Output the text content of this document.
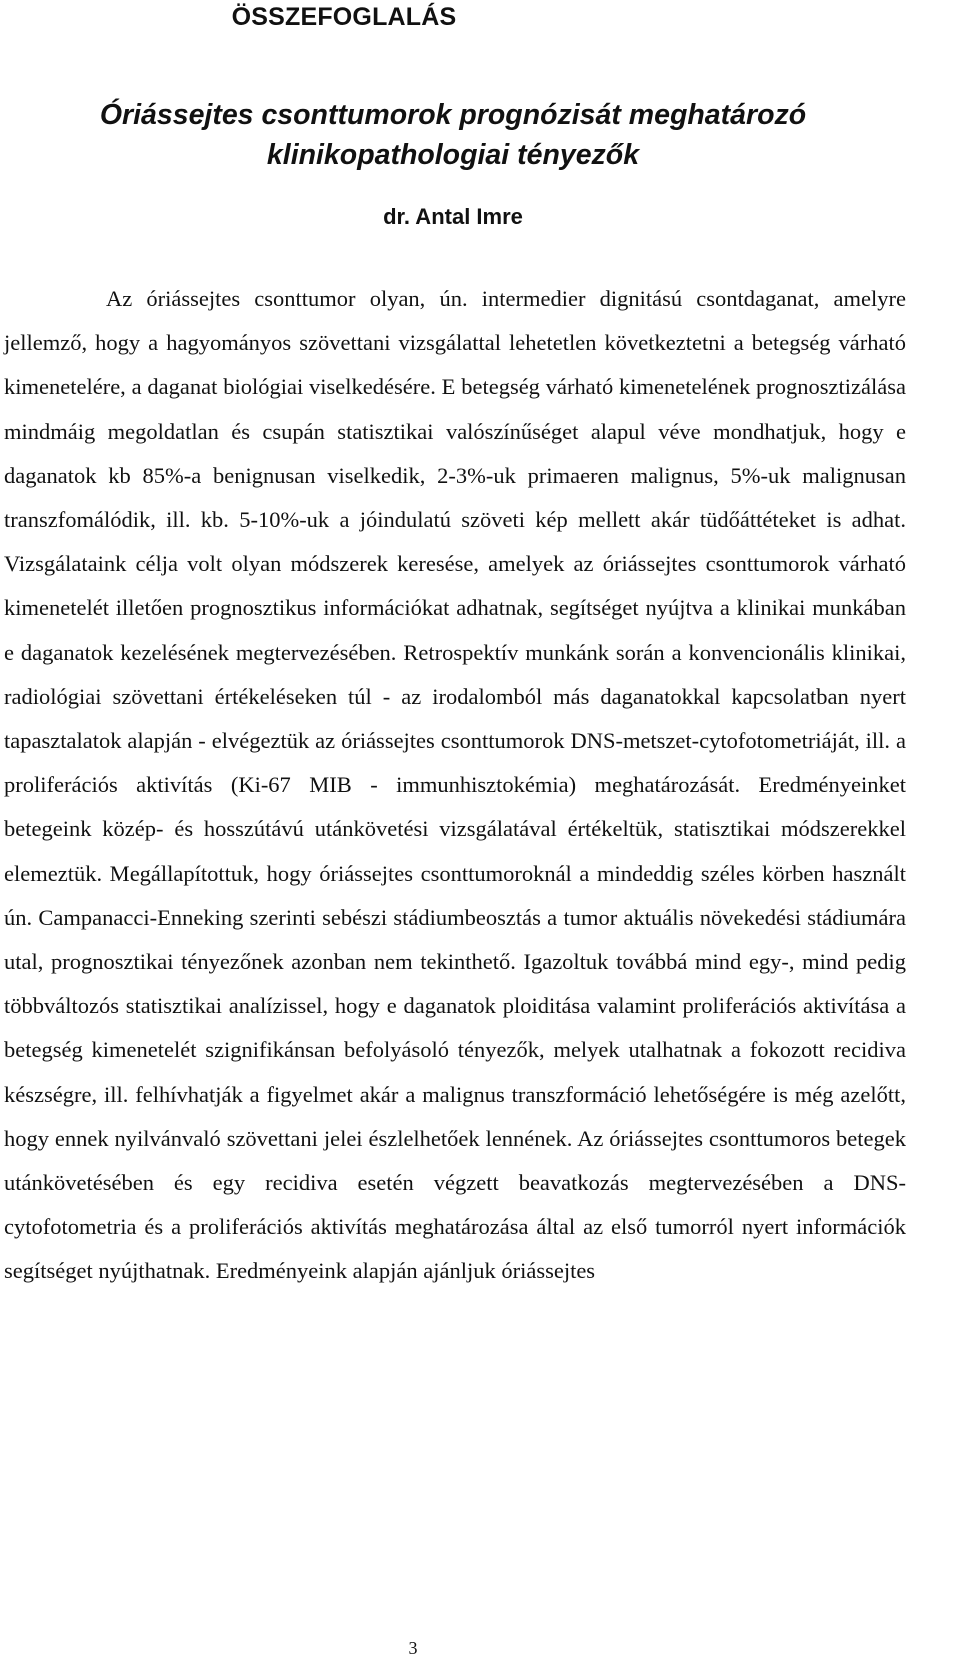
ÖSSZEFOGLALÁS
Óriássejtes csonttumorok prognózisát meghatározó
klinikopathologiai tényezők
dr. Antal Imre

Az óriássejtes csonttumor olyan, ún. intermedier dignitású csontdaganat, amelyre jellemző, hogy a hagyományos szövettani vizsgálattal lehetetlen következtetni a betegség várható kimenetelére, a daganat biológiai viselkedésére. E betegség várható kimenetelének prognosztizálása mindmáig megoldatlan és csupán statisztikai valószínűséget alapul véve mondhatjuk, hogy e daganatok kb 85%-a benignusan viselkedik, 2-3%-uk primaeren malignus, 5%-uk malignusan transzfomálódik, ill. kb. 5-10%-uk a jóindulatú szöveti kép mellett akár tüdőáttéteket is adhat. Vizsgálataink célja volt olyan módszerek keresése, amelyek az óriássejtes csonttumorok várható kimenetelét illetően prognosztikus információkat adhatnak, segítséget nyújtva a klinikai munkában e daganatok kezelésének megtervezésében. Retrospektív munkánk során a konvencionális klinikai, radiológiai szövettani értékeléseken túl - az irodalomból más daganatokkal kapcsolatban nyert tapasztalatok alapján - elvégeztük az óriássejtes csonttumorok DNS-metszet-cytofotometriáját, ill. a proliferációs aktivítás (Ki-67 MIB - immunhisztokémia) meghatározását. Eredményeinket betegeink közép- és hosszútávú utánkövetési vizsgálatával értékeltük, statisztikai módszerekkel elemeztük. Megállapítottuk, hogy óriássejtes csonttumoroknál a mindeddig széles körben használt ún. Campanacci-Enneking szerinti sebészi stádiumbeosztás a tumor aktuális növekedési stádiumára utal, prognosztikai tényezőnek azonban nem tekinthető. Igazoltuk továbbá mind egy-, mind pedig többváltozós statisztikai analízissel, hogy e daganatok ploiditása valamint proliferációs aktivítása a betegség kimenetelét szignifikánsan befolyásoló tényezők, melyek utalhatnak a fokozott recidiva készségre, ill. felhívhatják a figyelmet akár a malignus transzformáció lehetőségére is még azelőtt, hogy ennek nyilvánvaló szövettani jelei észlelhetőek lennének. Az óriássejtes csonttumoros betegek utánkövetésében és egy recidiva esetén végzett beavatkozás megtervezésében a DNS-cytofotometria és a proliferációs aktivítás meghatározása által az első tumorról nyert információk segítséget nyújthatnak. Eredményeink alapján ajánljuk óriássejtes

3
